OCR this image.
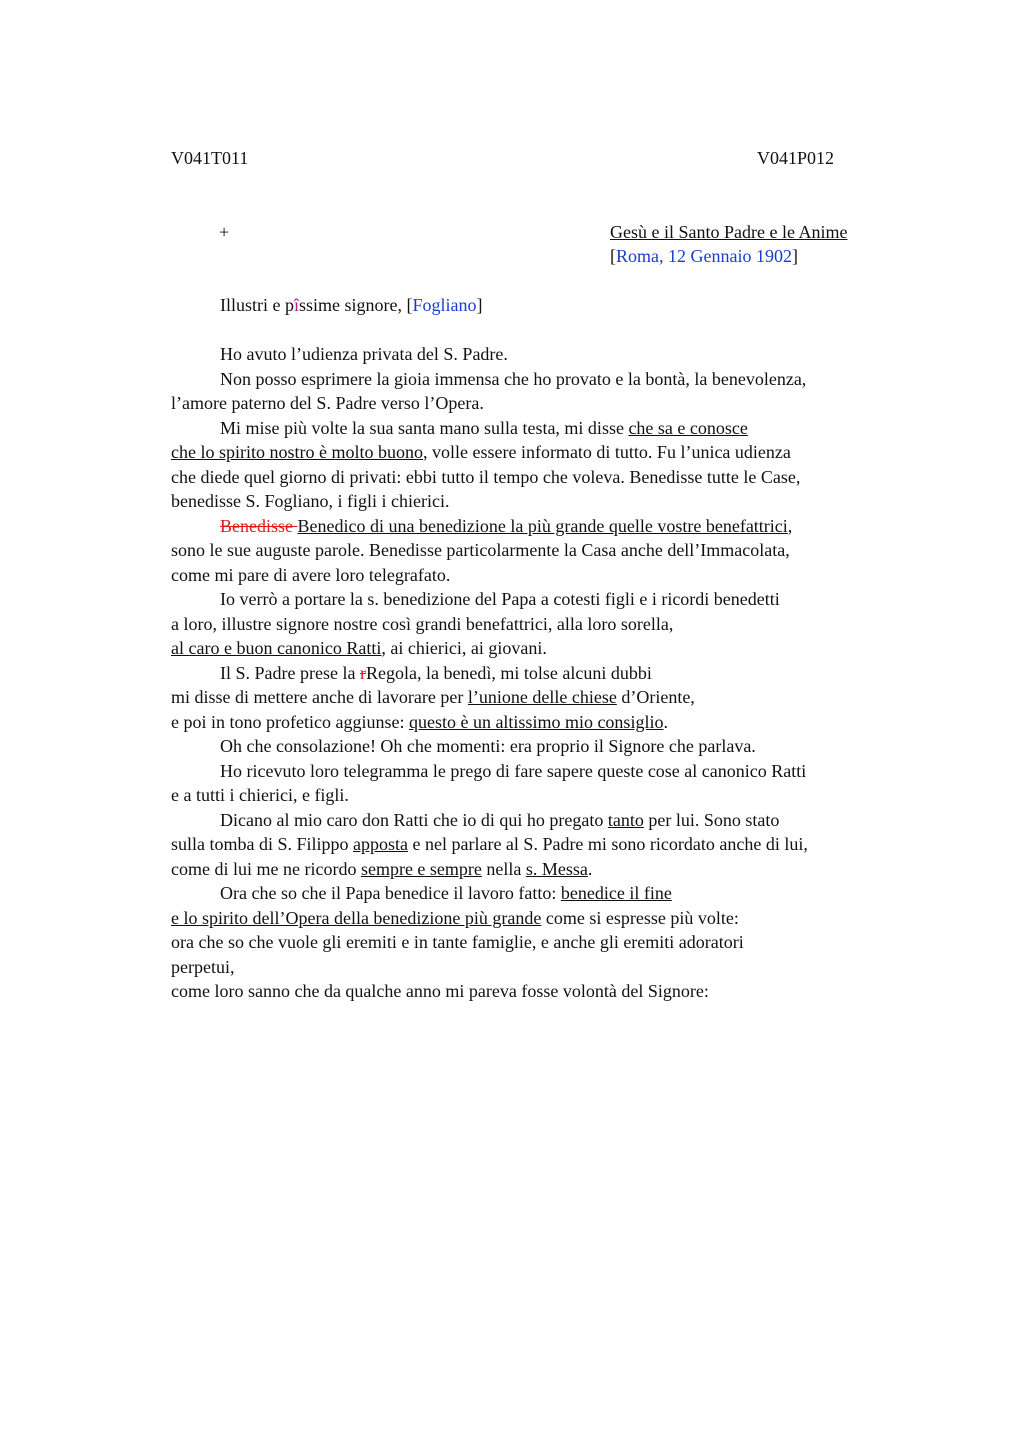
V041T011	V041P012
+	Gesù e il Santo Padre e le Anime
[Roma, 12 Gennaio 1902]
Illustri e pîssime signore, [Fogliano]
Ho avuto l’udienza privata del S. Padre.
Non posso esprimere la gioia immensa che ho provato e la bontà, la benevolenza,
l’amore paterno del S. Padre verso l’Opera.
Mi mise più volte la sua santa mano sulla testa, mi disse che sa e conosce
che lo spirito nostro è molto buono, volle essere informato di tutto. Fu l’unica udienza
che diede quel giorno di privati: ebbi tutto il tempo che voleva. Benedisse tutte le Case,
benedisse S. Fogliano, i figli i chierici.
Benedisse Benedico di una benedizione la più grande quelle vostre benefattrici,
sono le sue auguste parole. Benedisse particolarmente la Casa anche dell’Immacolata,
come mi pare di avere loro telegrafato.
Io verrò a portare la s. benedizione del Papa a cotesti figli e i ricordi benedetti
a loro, illustre signore nostre così grandi benefattrici, alla loro sorella,
al caro e buon canonico Ratti, ai chierici, ai giovani.
Il S. Padre prese la rRegola, la benedì, mi tolse alcuni dubbi
mi disse di mettere anche di lavorare per l’unione delle chiese d’Oriente,
e poi in tono profetico aggiunse: questo è un altissimo mio consiglio.
Oh che consolazione! Oh che momenti: era proprio il Signore che parlava.
Ho ricevuto loro telegramma le prego di fare sapere queste cose al canonico Ratti
e a tutti i chierici, e figli.
Dicano al mio caro don Ratti che io di qui ho pregato tanto per lui. Sono stato
sulla tomba di S. Filippo apposta e nel parlare al S. Padre mi sono ricordato anche di lui,
come di lui me ne ricordo sempre e sempre nella s. Messa.
Ora che so che il Papa benedice il lavoro fatto: benedice il fine
e lo spirito dell’Opera della benedizione più grande come si espresse più volte:
ora che so che vuole gli eremiti e in tante famiglie, e anche gli eremiti adoratori
perpetui,
come loro sanno che da qualche anno mi pareva fosse volontà del Signore:
